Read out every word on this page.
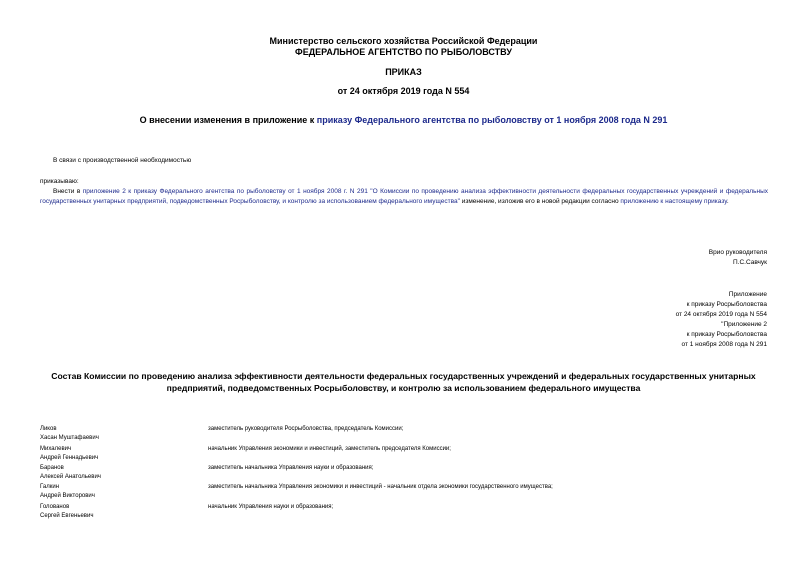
Министерство сельского хозяйства Российской Федерации
ФЕДЕРАЛЬНОЕ АГЕНТСТВО ПО РЫБОЛОВСТВУ
ПРИКАЗ
от 24 октября 2019 года N 554
О внесении изменения в приложение к приказу Федерального агентства по рыболовству от 1 ноября 2008 года N 291
В связи с производственной необходимостью
приказываю:
Внести в приложение 2 к приказу Федерального агентства по рыболовству от 1 ноября 2008 г. N 291 "О Комиссии по проведению анализа эффективности деятельности федеральных государственных учреждений и федеральных государственных унитарных предприятий, подведомственных Росрыболовству, и контролю за использованием федерального имущества" изменение, изложив его в новой редакции согласно приложению к настоящему приказу.
Врио руководителя
П.С.Савчук
Приложение
к приказу Росрыболовства
от 24 октября 2019 года N 554
"Приложение 2
к приказу Росрыболовства
от 1 ноября 2008 года N 291
Состав Комиссии по проведению анализа эффективности деятельности федеральных государственных учреждений и федеральных государственных унитарных
предприятий, подведомственных Росрыболовству, и контролю за использованием федерального имущества
Ликов
Хасан Муштафаевич
заместитель руководителя Росрыболовства, председатель Комиссии;
Михалевич
Андрей Геннадьевич
начальник Управления экономики и инвестиций, заместитель председателя Комиссии;
Баранов
Алексей Анатольевич
заместитель начальника Управления науки и образования;
Галкин
Андрей Викторович
заместитель начальника Управления экономики и инвестиций - начальник отдела экономики государственного имущества;
Голованов
Сергей Евгеньевич
начальник Управления науки и образования;
